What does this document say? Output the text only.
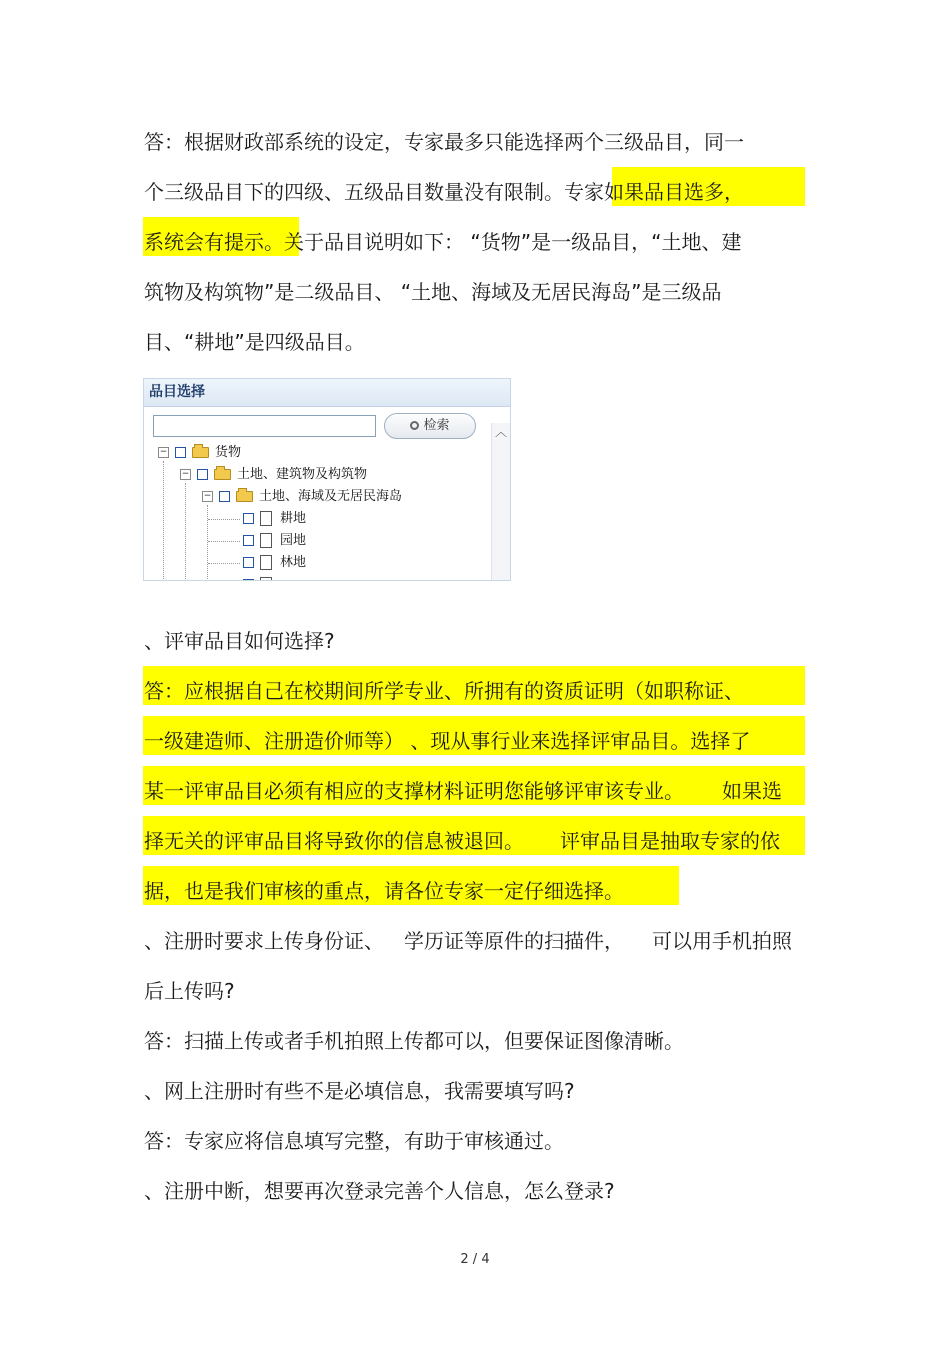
答：根据财政部系统的设定，专家最多只能选择两个三级品目，同一
个三级品目下的四级、五级品目数量没有限制。专家如果品目选多，
系统会有提示。关于品目说明如下： “货物”是一级品目，“土地、建
筑物及构筑物”是二级品目、 “土地、海域及无居民海岛”是三级品
目、“耕地”是四级品目。
品目选择
检索	︿
−	货物
−	土地、建筑物及构筑物
−	土地、海域及无居民海岛
耕地
园地
林地
、评审品目如何选择?
答：应根据自己在校期间所学专业、所拥有的资质证明（如职称证、
一级建造师、注册造价师等） 、现从事行业来选择评审品目。选择了
某一评审品目必须有相应的支撑材料证明您能够评审该专业。 如果选
择无关的评审品目将导致你的信息被退回。 评审品目是抽取专家的依
据，也是我们审核的重点，请各位专家一定仔细选择。
、注册时要求上传身份证、 学历证等原件的扫描件， 可以用手机拍照
后上传吗?
答：扫描上传或者手机拍照上传都可以，但要保证图像清晰。
、网上注册时有些不是必填信息，我需要填写吗?
答：专家应将信息填写完整，有助于审核通过。
、注册中断，想要再次登录完善个人信息，怎么登录?
2 / 4
